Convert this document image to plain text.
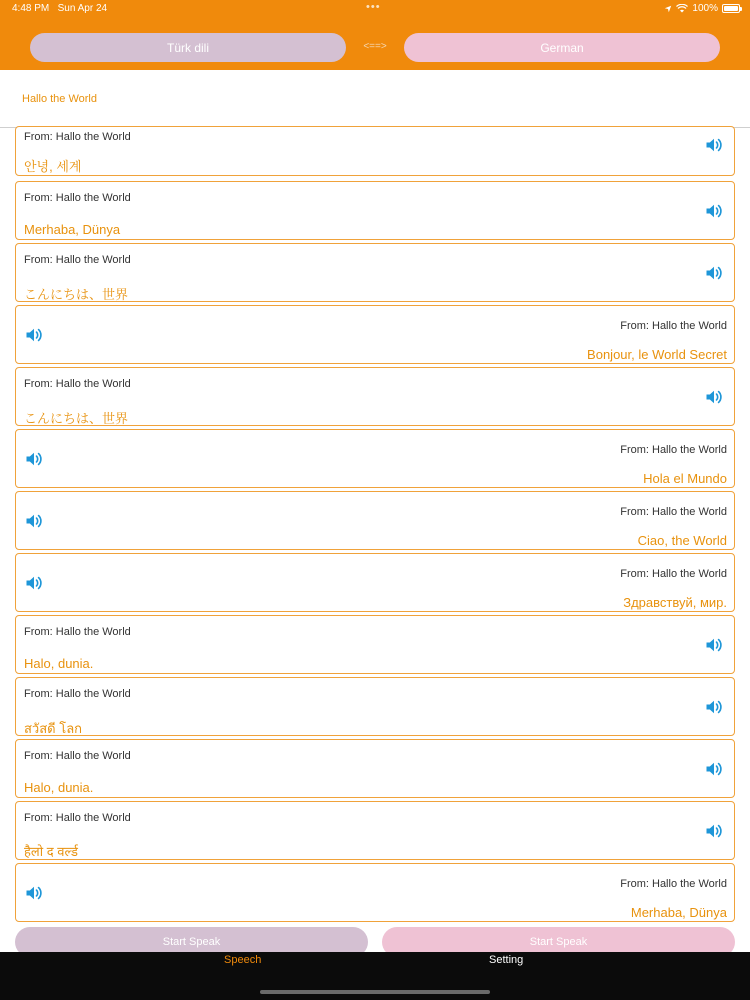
4:48 PM Sun Apr 24	•••	100%
Türk dili	<==>	German
Hallo the World
From: Hallo the World
안녕, 세계
From: Hallo the World
Merhaba, Dünya
From: Hallo the World
こんにちは、世界
From: Hallo the World
Bonjour, le World Secret
From: Hallo the World
こんにちは、世界
From: Hallo the World
Hola el Mundo
From: Hallo the World
Ciao, the World
From: Hallo the World
Здравствуй, мир.
From: Hallo the World
Halo, dunia.
From: Hallo the World
สวัสดี โลก
From: Hallo the World
Halo, dunia.
From: Hallo the World
हैलो द वर्ल्ड
From: Hallo the World
Merhaba, Dünya
Start Speak	Start Speak
Speech	Setting
